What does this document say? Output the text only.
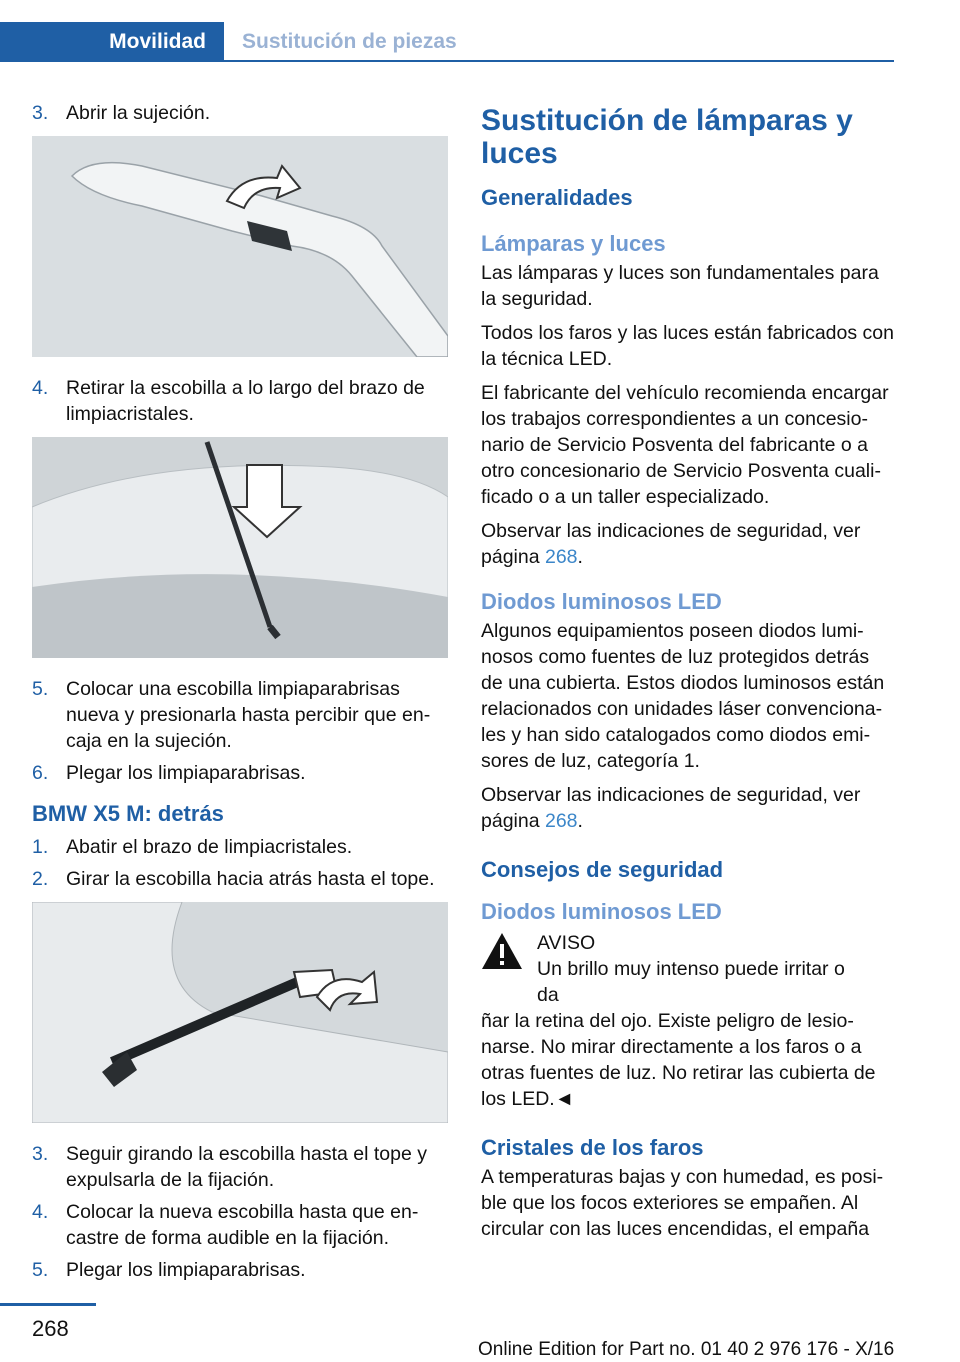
Movilidad Sustitución de piezas
3. Abrir la sujeción.
4. Retirar la escobilla a lo largo del brazo de limpiacristales.
5. Colocar una escobilla limpiaparabrisas nueva y presionarla hasta percibir que encaja en la sujeción.
6. Plegar los limpiaparabrisas.
BMW X5 M: detrás
1. Abatir el brazo de limpiacristales.
2. Girar la escobilla hacia atrás hasta el tope.
3. Seguir girando la escobilla hasta el tope y expulsarla de la fijación.
4. Colocar la nueva escobilla hasta que encastre de forma audible en la fijación.
5. Plegar los limpiaparabrisas.
Sustitución de lámparas y luces
Generalidades
Lámparas y luces

Las lámparas y luces son fundamentales para la seguridad.

Todos los faros y las luces están fabricados con la técnica LED.

El fabricante del vehículo recomienda encargar los trabajos correspondientes a un concesionario de Servicio Posventa del fabricante o a otro concesionario de Servicio Posventa cualificado o a un taller especializado.

Observar las indicaciones de seguridad, ver página 268.

Diodos luminosos LED

Algunos equipamientos poseen diodos luminosos como fuentes de luz protegidos detrás de una cubierta. Estos diodos luminosos están relacionados con unidades láser convencionales y han sido catalogados como diodos emisores de luz, categoría 1.

Observar las indicaciones de seguridad, ver página 268.

Consejos de seguridad
Diodos luminosos LED
AVISO
Un brillo muy intenso puede irritar o da

ñar la retina del ojo. Existe peligro de lesionarse. No mirar directamente a los faros o a otras fuentes de luz. No retirar las cubierta de los LED.◄

Cristales de los faros

A temperaturas bajas y con humedad, es posible que los focos exteriores se empañen. Al circular con las luces encendidas, el empaña

268
Online Edition for Part no. 01 40 2 976 176 - X/16
